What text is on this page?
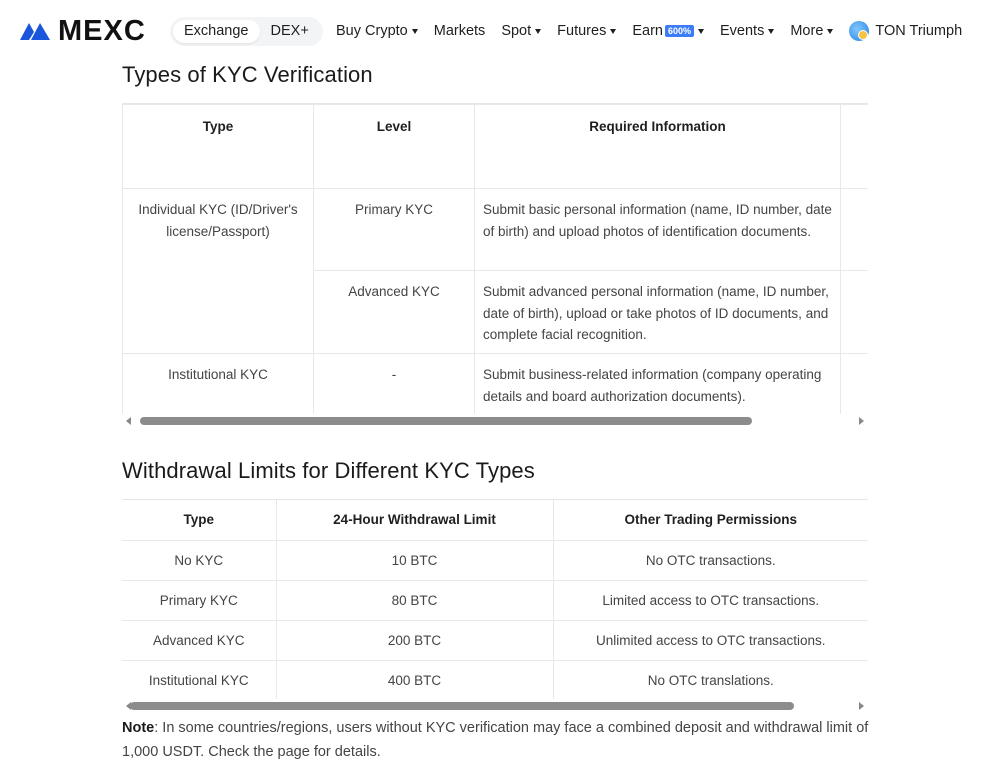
MEXC	Exchange	DEX+	Buy Crypto Markets Spot Futures Earn 600% Events More	TON Triumph
Types of KYC Verification
Type	Level	Required Information	
Individual KYC (ID/Driver's license/Passport)	Primary KYC	Submit basic personal information (name, ID number, date of birth) and upload photos of identification documents.	
	Advanced KYC	Submit advanced personal information (name, ID number, date of birth), upload or take photos of ID documents, and complete facial recognition.	
Institutional KYC	-	Submit business-related information (company operating details and board authorization documents).	
Withdrawal Limits for Different KYC Types
Type	24-Hour Withdrawal Limit	Other Trading Permissions
No KYC	10 BTC	No OTC transactions.
Primary KYC	80 BTC	Limited access to OTC transactions.
Advanced KYC	200 BTC	Unlimited access to OTC transactions.
Institutional KYC	400 BTC	No OTC translations.
Note: In some countries/regions, users without KYC verification may face a combined deposit and withdrawal limit of 1,000 USDT. Check the page for details.
